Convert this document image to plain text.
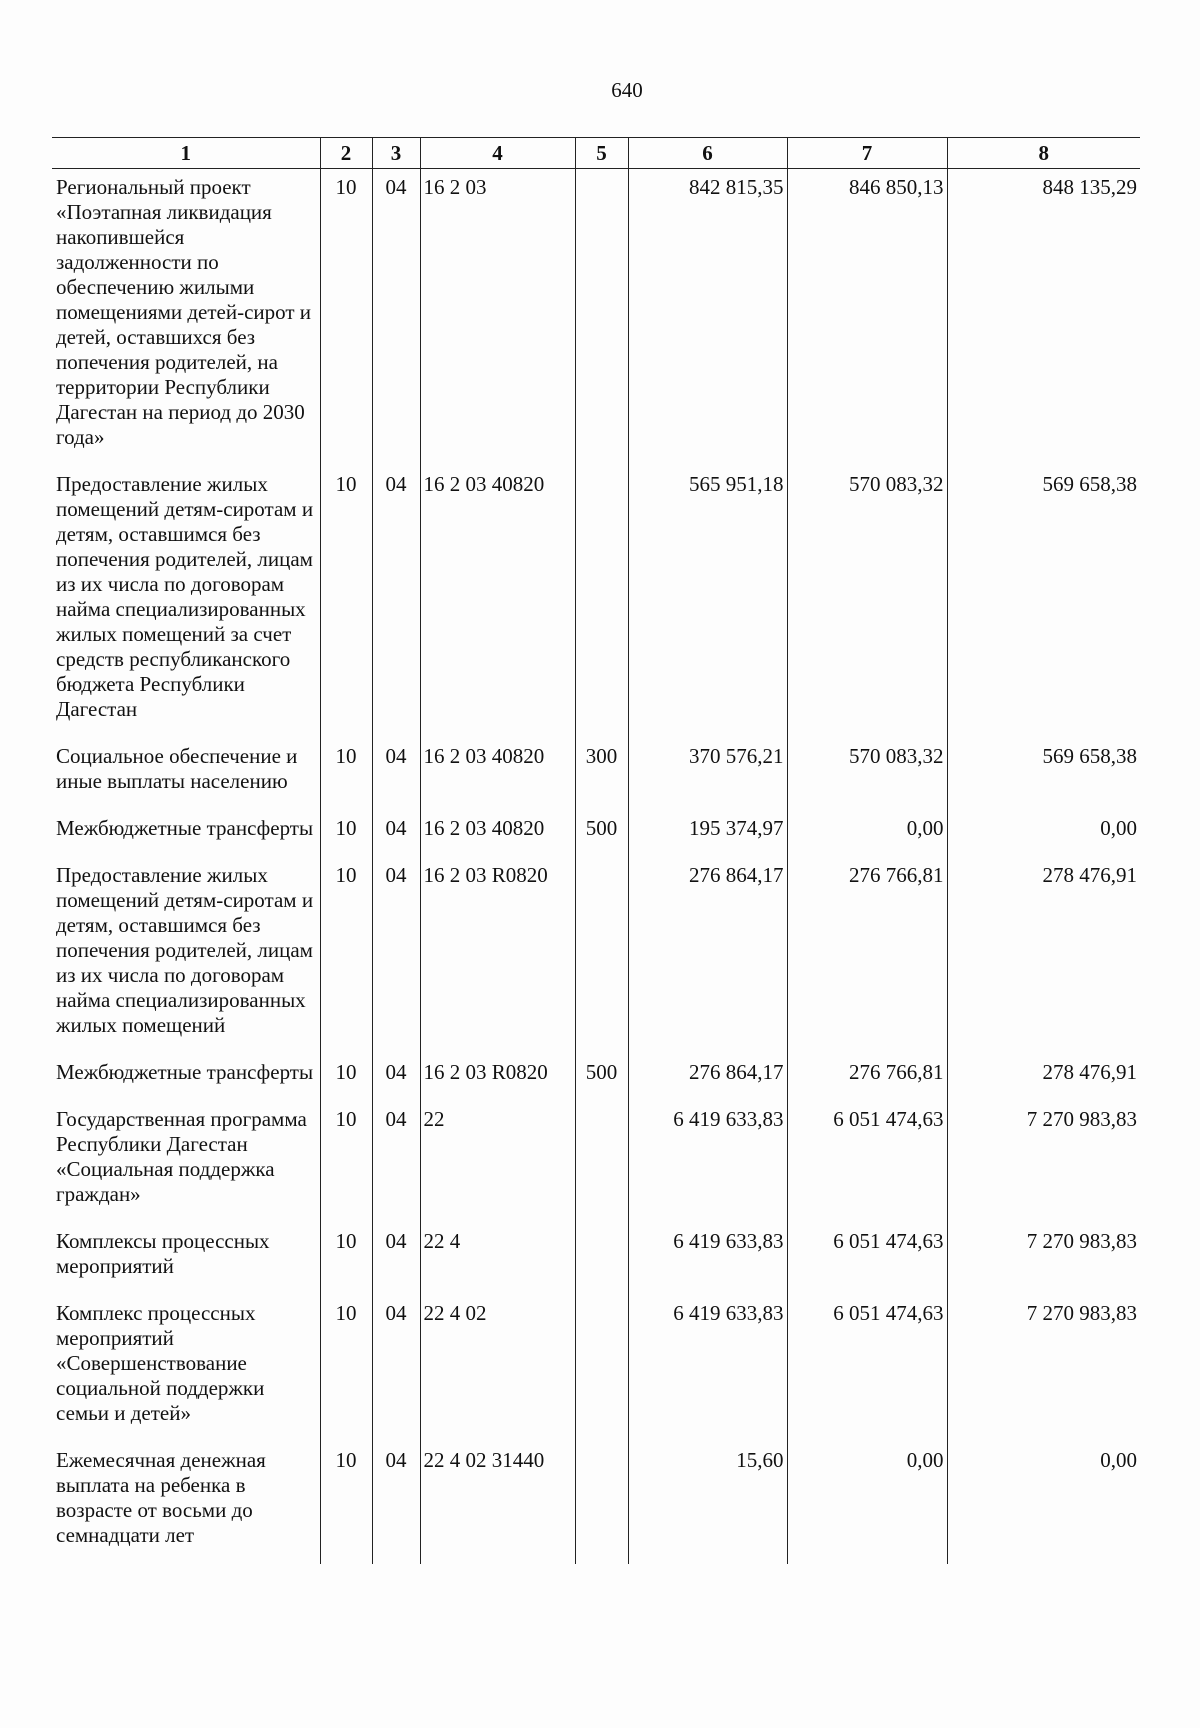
640
1	2	3	4	5	6	7	8
Региональный проект «Поэтапная ликвидация накопившейся задолженности по обеспечению жилыми помещениями детей-сирот и детей, оставшихся без попечения родителей, на территории Республики Дагестан на период до 2030 года»	10	04	16 2 03		842 815,35	846 850,13	848 135,29
Предоставление жилых помещений детям-сиротам и детям, оставшимся без попечения родителей, лицам из их числа по договорам найма специализированных жилых помещений за счет средств республиканского бюджета Республики Дагестан	10	04	16 2 03 40820		565 951,18	570 083,32	569 658,38
Социальное обеспечение и иные выплаты населению	10	04	16 2 03 40820	300	370 576,21	570 083,32	569 658,38
Межбюджетные трансферты	10	04	16 2 03 40820	500	195 374,97	0,00	0,00
Предоставление жилых помещений детям-сиротам и детям, оставшимся без попечения родителей, лицам из их числа по договорам найма специализированных жилых помещений	10	04	16 2 03 R0820		276 864,17	276 766,81	278 476,91
Межбюджетные трансферты	10	04	16 2 03 R0820	500	276 864,17	276 766,81	278 476,91
Государственная программа Республики Дагестан «Социальная поддержка граждан»	10	04	22		6 419 633,83	6 051 474,63	7 270 983,83
Комплексы процессных мероприятий	10	04	22 4		6 419 633,83	6 051 474,63	7 270 983,83
Комплекс процессных мероприятий «Совершенствование социальной поддержки семьи и детей»	10	04	22 4 02		6 419 633,83	6 051 474,63	7 270 983,83
Ежемесячная денежная выплата на ребенка в возрасте от восьми до семнадцати лет	10	04	22 4 02 31440		15,60	0,00	0,00
